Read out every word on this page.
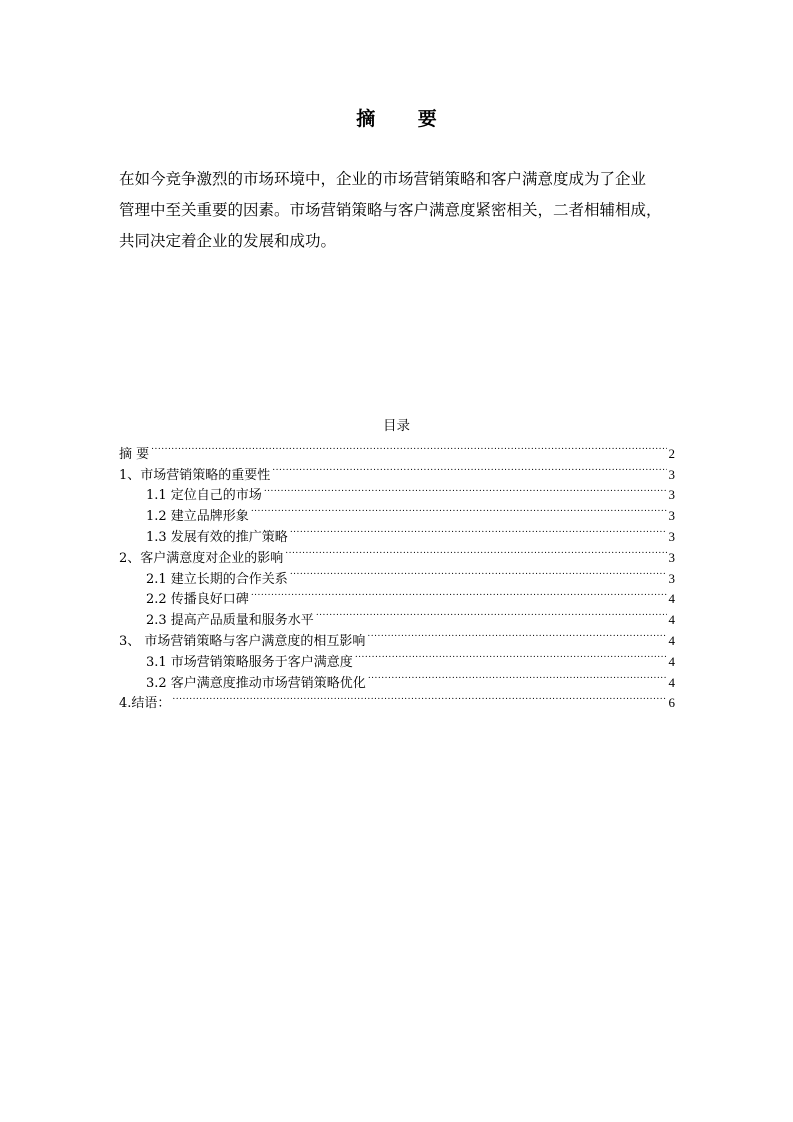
摘 要
在如今竞争激烈的市场环境中，企业的市场营销策略和客户满意度成为了企业
管理中至关重要的因素。市场营销策略与客户满意度紧密相关，二者相辅相成，
共同决定着企业的发展和成功。
目录
摘 要 .....	2
1、市场营销策略的重要性 .....	3
1.1 定位自己的市场 .....	3
1.2 建立品牌形象 .....	3
1.3 发展有效的推广策略 .....	3
2、客户满意度对企业的影响 .....	3
2.1 建立长期的合作关系 .....	3
2.2 传播良好口碑 .....	4
2.3 提高产品质量和服务水平 .....	4
3、 市场营销策略与客户满意度的相互影响 .....	4
3.1 市场营销策略服务于客户满意度 .....	4
3.2 客户满意度推动市场营销策略优化 .....	4
4.结语： .....	6
